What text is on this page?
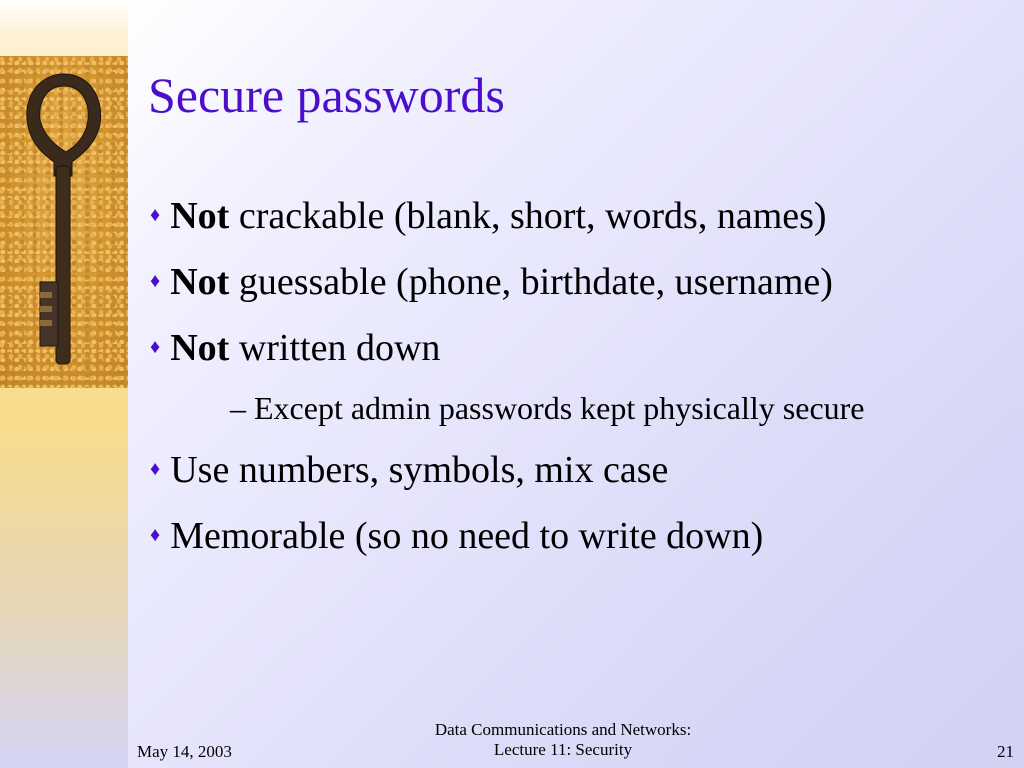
Secure passwords
♦ Not crackable (blank, short, words, names)
♦ Not guessable (phone, birthdate, username)
♦ Not written down
– Except admin passwords kept physically secure
♦ Use numbers, symbols, mix case
♦ Memorable (so no need to write down)
May 14, 2003
Data Communications and Networks:
Lecture 11: Security	21
